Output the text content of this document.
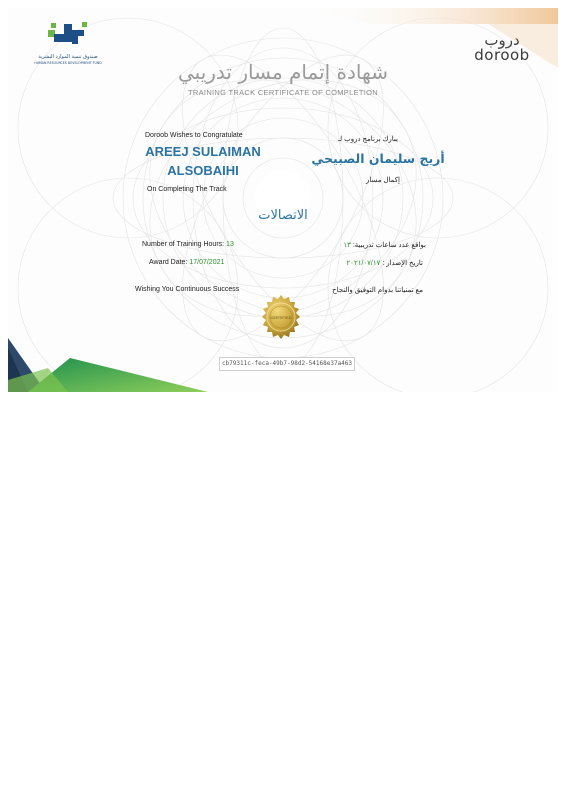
صندوق تنمية الموارد البشرية
HUMAN RESOURCES DEVELOPMENT FUND
دروب
doroob
شهادة إتمام مسار تدريبي
TRAINING TRACK CERTIFICATE OF COMPLETION
Doroob Wishes to Congratulate
AREEJ SULAIMAN
ALSOBAIHI
On Completing The Track
Number of Training Hours: 13
Award Date: 17/07/2021
Wishing You Continuous Success
يبارك برنامج دروب لـ
أريج سليمان الصبيحي
إكمال مسار
بواقع عدد ساعات تدريبية: ١٣
تاريخ الإصدار : ٢٠٢١/٠٧/١٧
مع تمنياتنا بدوام التوفيق والنجاح
الاتصالات
CERTIFIED
cb79311c-feca-49b7-98d2-54168e37a463
